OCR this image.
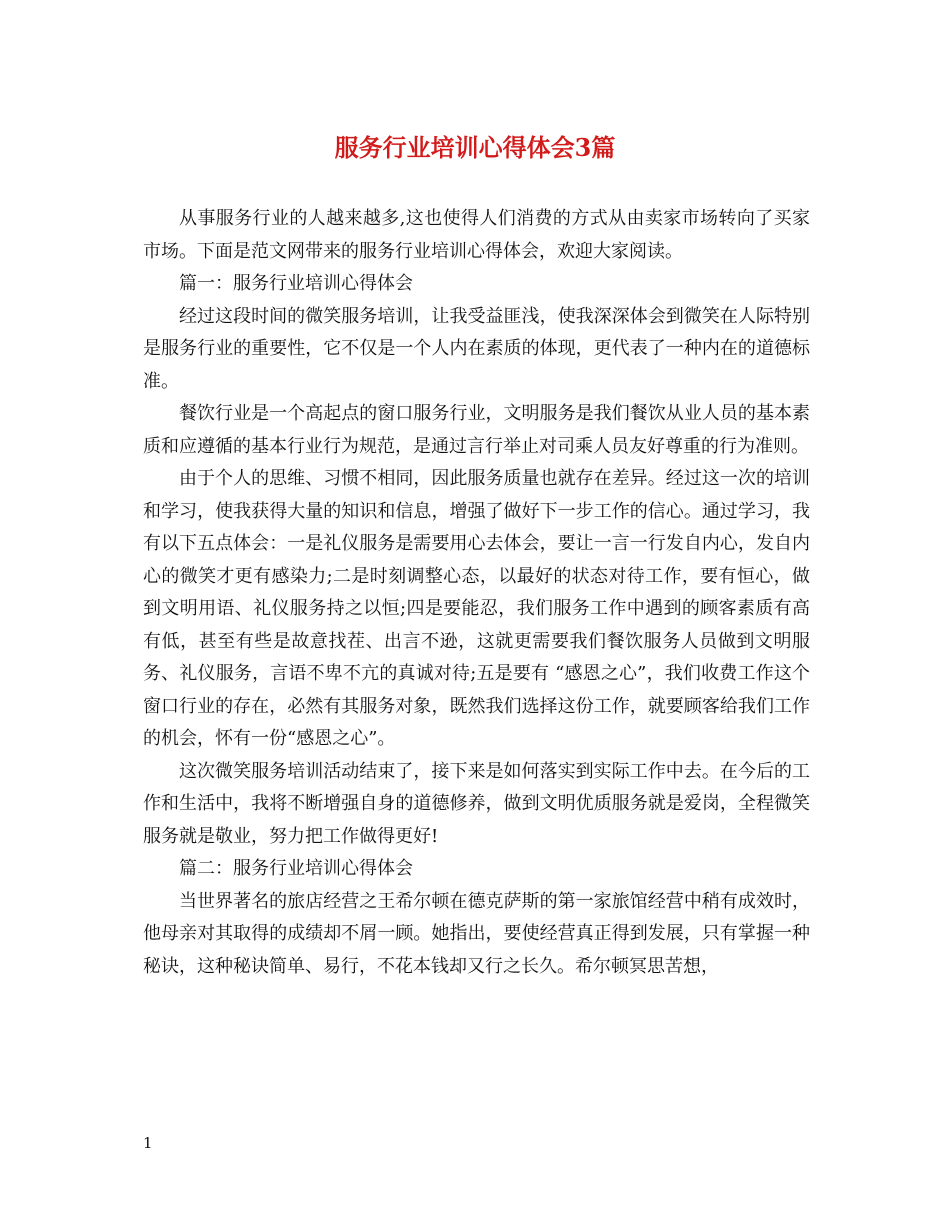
服务行业培训心得体会3篇

从事服务行业的人越来越多,这也使得人们消费的方式从由卖家市场转向了买家市场。下面是范文网带来的服务行业培训心得体会，欢迎大家阅读。

篇一：服务行业培训心得体会

经过这段时间的微笑服务培训，让我受益匪浅，使我深深体会到微笑在人际特别是服务行业的重要性，它不仅是一个人内在素质的体现，更代表了一种内在的道德标准。

餐饮行业是一个高起点的窗口服务行业，文明服务是我们餐饮从业人员的基本素质和应遵循的基本行业行为规范，是通过言行举止对司乘人员友好尊重的行为准则。

由于个人的思维、习惯不相同，因此服务质量也就存在差异。经过这一次的培训和学习，使我获得大量的知识和信息，增强了做好下一步工作的信心。通过学习，我有以下五点体会：一是礼仪服务是需要用心去体会，要让一言一行发自内心，发自内心的微笑才更有感染力;二是时刻调整心态，以最好的状态对待工作，要有恒心，做到文明用语、礼仪服务持之以恒;四是要能忍，我们服务工作中遇到的顾客素质有高有低，甚至有些是故意找茬、出言不逊，这就更需要我们餐饮服务人员做到文明服务、礼仪服务，言语不卑不亢的真诚对待;五是要有 “感恩之心”，我们收费工作这个窗口行业的存在，必然有其服务对象，既然我们选择这份工作，就要顾客给我们工作的机会，怀有一份“感恩之心”。

这次微笑服务培训活动结束了，接下来是如何落实到实际工作中去。在今后的工作和生活中，我将不断增强自身的道德修养，做到文明优质服务就是爱岗，全程微笑服务就是敬业，努力把工作做得更好!

篇二：服务行业培训心得体会

当世界著名的旅店经营之王希尔顿在德克萨斯的第一家旅馆经营中稍有成效时，他母亲对其取得的成绩却不屑一顾。她指出，要使经营真正得到发展，只有掌握一种秘诀，这种秘诀简单、易行，不花本钱却又行之长久。希尔顿冥思苦想，

1
